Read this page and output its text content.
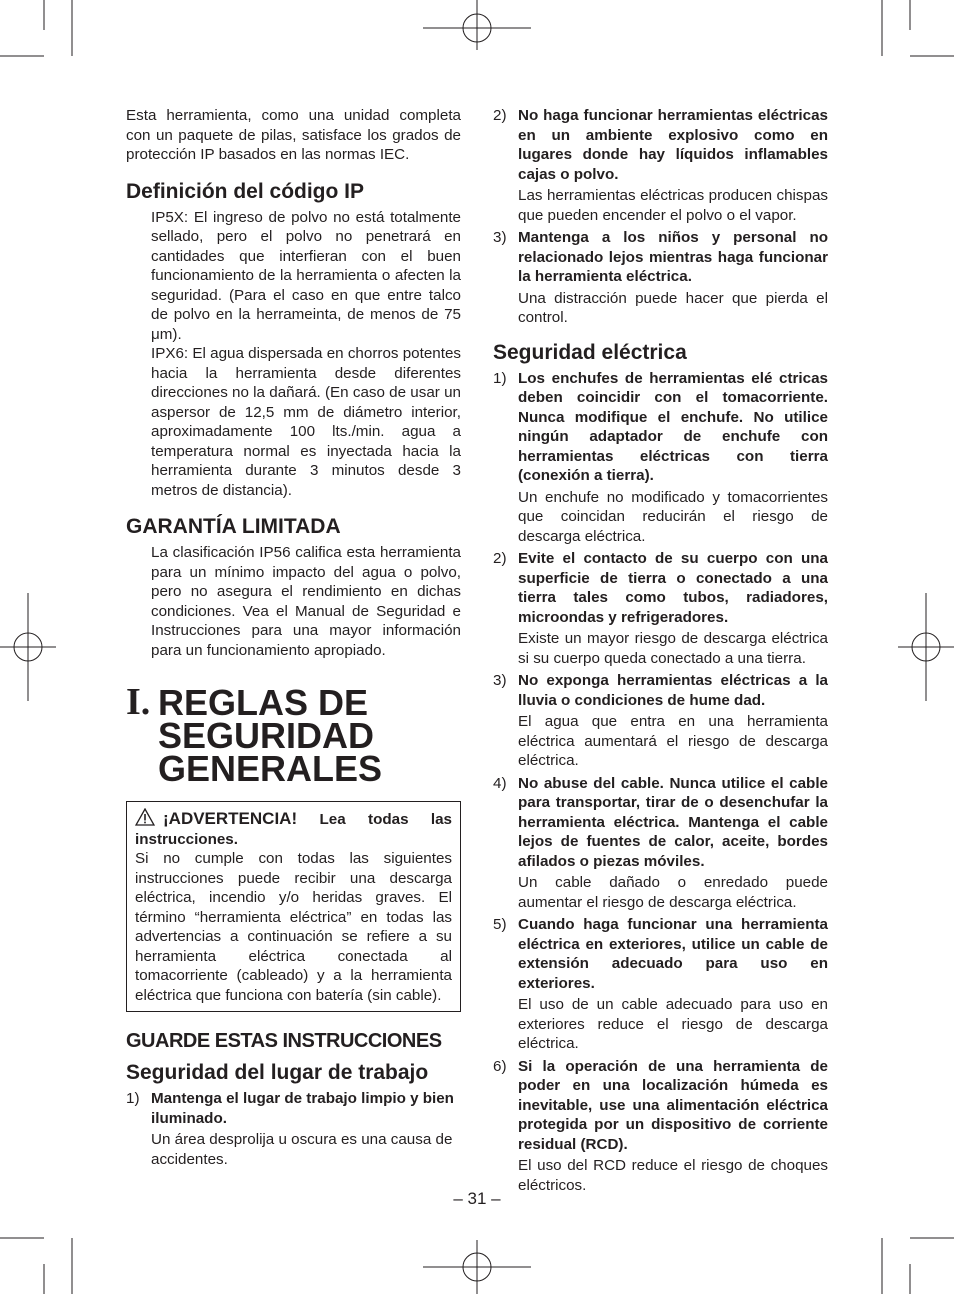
Esta herramienta, como una unidad completa con un paquete de pilas, satisface los grados de protección IP basados en las normas IEC.

Definición del código IP

IP5X: El ingreso de polvo no está totalmente sellado, pero el polvo no penetrará en cantidades que interfieran con el buen funcionamiento de la herramienta o afecten la seguridad. (Para el caso en que entre talco de polvo en la herrameinta, de menos de 75 μm).

IPX6: El agua dispersada en chorros potentes hacia la herramienta desde diferentes direcciones no la dañará. (En caso de usar un aspersor de 12,5 mm de diámetro interior, aproximadamente 100 lts./min. agua a temperatura normal es inyectada hacia la herramienta durante 3 minutos desde 3 metros de distancia).

GARANTÍA LIMITADA

La clasificación IP56 califica esta herramienta para un mínimo impacto del agua o polvo, pero no asegura el rendimiento en dichas condiciones. Vea el Manual de Seguridad e Instrucciones para una mayor información para un funcionamiento apropiado.

I. REGLAS DE
SEGURIDAD
GENERALES
¡ADVERTENCIA! Lea todas las instrucciones.

Si no cumple con todas las siguientes instrucciones puede recibir una descarga eléctrica, incendio y/o heridas graves. El término “herramienta eléctrica” en todas las advertencias a continuación se refiere a su herramienta eléctrica conectada al tomacorriente (cableado) y a la herramienta eléctrica que funciona con batería (sin cable).

GUARDE ESTAS INSTRUCCIONES
Seguridad del lugar de trabajo
1) Mantenga el lugar de trabajo limpio y bien iluminado.

Un área desprolija u oscura es una causa de accidentes.

2) No haga funcionar herramientas eléctricas en un ambiente explosivo como en lugares donde hay líquidos inflamables cajas o polvo.

Las herramientas eléctricas producen chispas que pueden encender el polvo o el vapor.

3) Mantenga a los niños y personal no relacionado lejos mientras haga funcionar la herramienta eléctrica.

Una distracción puede hacer que pierda el control.

Seguridad eléctrica
1) Los enchufes de herramientas elé ctricas deben coincidir con el tomacorriente. Nunca modifique el enchufe. No utilice ningún adaptador de enchufe con herramientas eléctricas con tierra (conexión a tierra).

Un enchufe no modificado y tomacorrientes que coincidan reducirán el riesgo de descarga eléctrica.

2) Evite el contacto de su cuerpo con una superficie de tierra o conectado a una tierra tales como tubos, radiadores, microondas y refrigeradores.

Existe un mayor riesgo de descarga eléctrica si su cuerpo queda conectado a una tierra.

3) No exponga herramientas eléctricas a la lluvia o condiciones de hume dad.

El agua que entra en una herramienta eléctrica aumentará el riesgo de descarga eléctrica.

4) No abuse del cable. Nunca utilice el cable para transportar, tirar de o desenchufar la herramienta eléctrica. Mantenga el cable lejos de fuentes de calor, aceite, bordes afilados o piezas móviles.

Un cable dañado o enredado puede aumentar el riesgo de descarga eléctrica.

5) Cuando haga funcionar una herramienta eléctrica en exteriores, utilice un cable de extensión adecuado para uso en exteriores.

El uso de un cable adecuado para uso en exteriores reduce el riesgo de descarga eléctrica.

6) Si la operación de una herramienta de poder en una localización húmeda es inevitable, use una alimentación eléctrica protegida por un dispositivo de corriente residual (RCD).

El uso del RCD reduce el riesgo de choques eléctricos.

– 31 –
